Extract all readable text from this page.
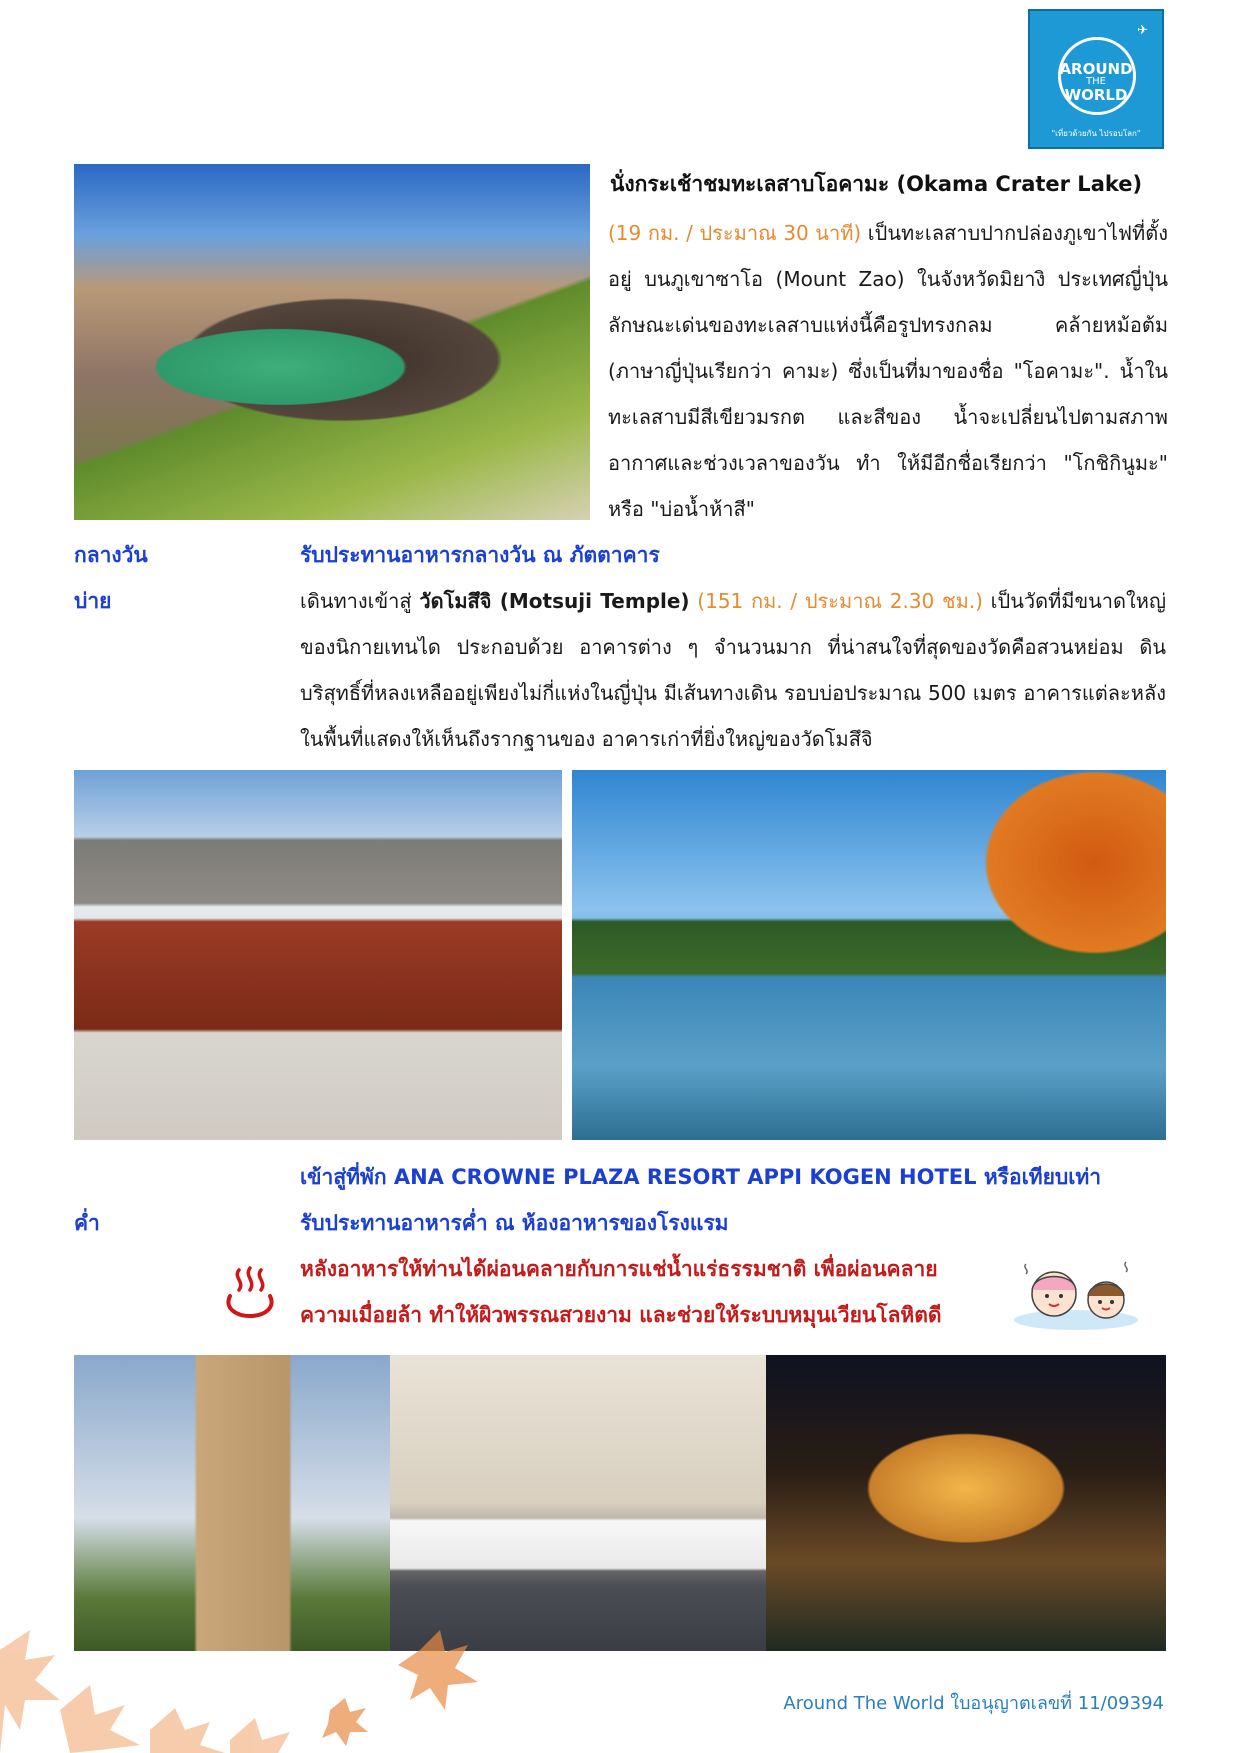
✈
AROUND
THE
WORLD
"เที่ยวด้วยกัน ไปรอบโลก"
นั่งกระเช้าชมทะเลสาบโอคามะ (Okama Crater Lake)
(19 กม. / ประมาณ 30 นาที) เป็นทะเลสาบปากปล่องภูเขาไฟที่ตั้งอยู่ บนภูเขาซาโอ (Mount Zao) ในจังหวัดมิยางิ ประเทศญี่ปุ่น ลักษณะเด่นของทะเลสาบแห่งนี้คือรูปทรงกลม คล้ายหม้อต้ม (ภาษาญี่ปุ่นเรียกว่า คามะ) ซึ่งเป็นที่มาของชื่อ "โอคามะ". น้ำในทะเลสาบมีสีเขียวมรกต และสีของ น้ำจะเปลี่ยนไปตามสภาพอากาศและช่วงเวลาของวัน ทำ ให้มีอีกชื่อเรียกว่า "โกชิกินูมะ" หรือ "บ่อน้ำห้าสี"
กลางวัน	รับประทานอาหารกลางวัน ณ ภัตตาคาร
บ่าย	เดินทางเข้าสู่ วัดโมสึจิ (Motsuji Temple) (151 กม. / ประมาณ 2.30 ชม.) เป็นวัดที่มีขนาดใหญ่ของนิกายเทนได ประกอบด้วย อาคารต่าง ๆ จำนวนมาก ที่น่าสนใจที่สุดของวัดคือสวนหย่อม ดินบริสุทธิ์ที่หลงเหลืออยู่เพียงไม่กี่แห่งในญี่ปุ่น มีเส้นทางเดิน รอบบ่อประมาณ 500 เมตร อาคารแต่ละหลังในพื้นที่แสดงให้เห็นถึงรากฐานของ อาคารเก่าที่ยิ่งใหญ่ของวัดโมสึจิ
เข้าสู่ที่พัก ANA CROWNE PLAZA RESORT APPI KOGEN HOTEL หรือเทียบเท่า
ค่ำ	รับประทานอาหารค่ำ ณ ห้องอาหารของโรงแรม
หลังอาหารให้ท่านได้ผ่อนคลายกับการแช่น้ำแร่ธรรมชาติ เพื่อผ่อนคลาย
ความเมื่อยล้า ทำให้ผิวพรรณสวยงาม และช่วยให้ระบบหมุนเวียนโลหิตดี
Around The World ใบอนุญาตเลขที่ 11/09394
